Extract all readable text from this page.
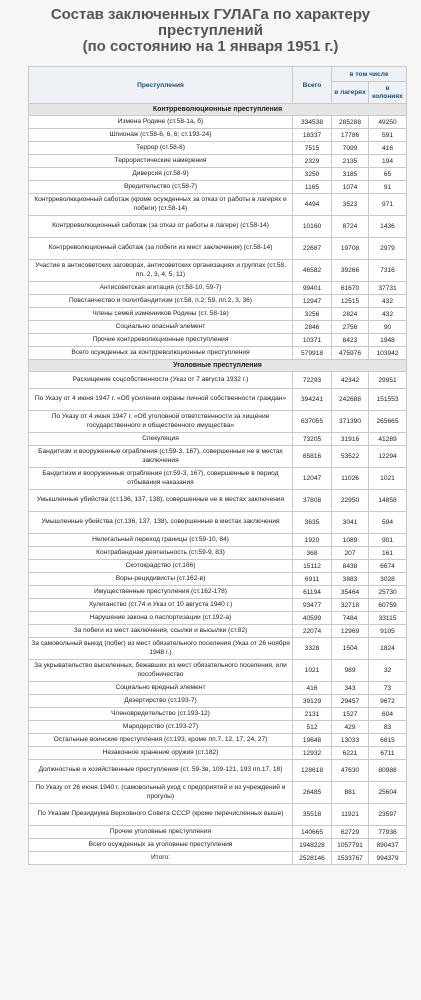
Состав заключенных ГУЛАГа по характеру
преступлений
(по состоянию на 1 января 1951 г.)
Преступления	Всего	в том числе	
		в лагерях	в колониях
Контрреволюционные преступления			
Измена Родине (ст.58-1а, б)	334538	285288	49250
Шпионаж (ст.58-6, 6, 6; ст.193-24)	18337	17786	591
Террор (ст.58-8)	7515	7099	416
Террористические намерения	2329	2135	194
Диверсия (ст.58-9)	3250	3185	65
Вредительство (ст.58-7)	1165	1074	91
Контрреволюционный саботаж (кроме осужденных за отказ от работы в лагерях и побеги) (ст.58-14)	4494	3523	971
Контрреволюционный саботаж (за отказ от работы в лагере) (ст.58-14)	10160	8724	1436
Контрреволюционный саботаж (за побеги из мест заключения) (ст.58-14)	22687	19708	2979
Участие в антисоветских заговорах, антисоветских организациях и группах (ст.58, пп. 2, 3, 4, 5, 11)	46582	39266	7316
Антисоветская агитация (ст.58-10, 59-7)	99401	61670	37731
Повстанчество и политбандитизм (ст.58, п.2; 59, пп.2, 3, 36)	12947	12515	432
Члены семей изменников Родины (ст. 58-1в)	3256	2824	432
Социально опасный элемент	2846	2756	90
Прочие контрреволюционные преступления	10371	8423	1948
Всего осужденных за контрреволюционные преступления	579918	475976	103942
Уголовные преступления			
Расхищение соцсобственности (Указ от 7 августа 1932 г.)	72293	42342	29951
По Указу от 4 июня 1947 г. «Об усилении охраны личной собственности граждан»	394241	242688	151553
По Указу от 4 июня 1947 г. «Об уголовной ответственности за хищение государственного и общественного имущества»	637055	371390	265665
Спекуляция	73205	31916	41289
Бандитизм и вооруженные ограбления (ст.59-3, 167), совершенные не в местах заключения	65816	53522	12294
Бандитизм и вооруженные ограбления (ст.59-3, 167), совершенные в период отбывания наказания	12047	11026	1021
Умышленные убийства (ст.136, 137, 138), совершенные не в местах заключения	37808	22950	14858
Умышленные убийства (ст.136, 137, 138), совершенные в местах заключения	3635	3041	594
Нелегальный переход границы (ст.59-10, 84)	1920	1089	901
Контрабандная деятельность (ст.59-9, 83)	368	207	161
Скотокрадство (ст.166)	15112	8438	6674
Воры-рецидивисты (ст.162-в)	6911	3883	3028
Имущественные преступления (ст.162-178)	61194	35464	25730
Хулиганство (ст.74 и Указ от 10 августа 1940 г.)	93477	32718	60759
Нарушение закона о паспортизации (ст.192-а)	40599	7484	33115
За побеги из мест заключения, ссылки и высылки (ст.82)	22074	12969	9105
За самовольный выезд (побег) из мест обязательного поселения (Указ от 26 ноября 1948 г.)	3328	1504	1824
За укрывательство выселенных, бежавших из мест обязательного поселения, или пособничество	1021	989	32
Социально вредный элемент	416	343	73
Дезертирство (ст.193-7)	39129	29457	9672
Членовредительство (ст.193-12)	2131	1527	604
Мародерство (ст.193-27)	512	429	83
Остальные воинские преступления (ст.193, кроме пп.7, 12, 17, 24, 27)	19648	13033	6615
Незаконное хранение оружия (ст.182)	12932	6221	6711
Должностные и хозяйственные преступления (ст. 59-3в, 109-121, 193 пп.17, 18)	128618	47630	80988
По Указу от 26 июня 1940 г. (самовольный уход с предприятий и из учреждений и прогулы)	26485	881	25604
По Указам Президиума Верховного Совета СССР (кроме перечисленных выше)	35518	11921	23597
Прочие уголовные преступления	140665	62729	77936
Всего осужденных за уголовные преступления	1948228	1057791	890437
Итого:	2528146	1533767	994379
